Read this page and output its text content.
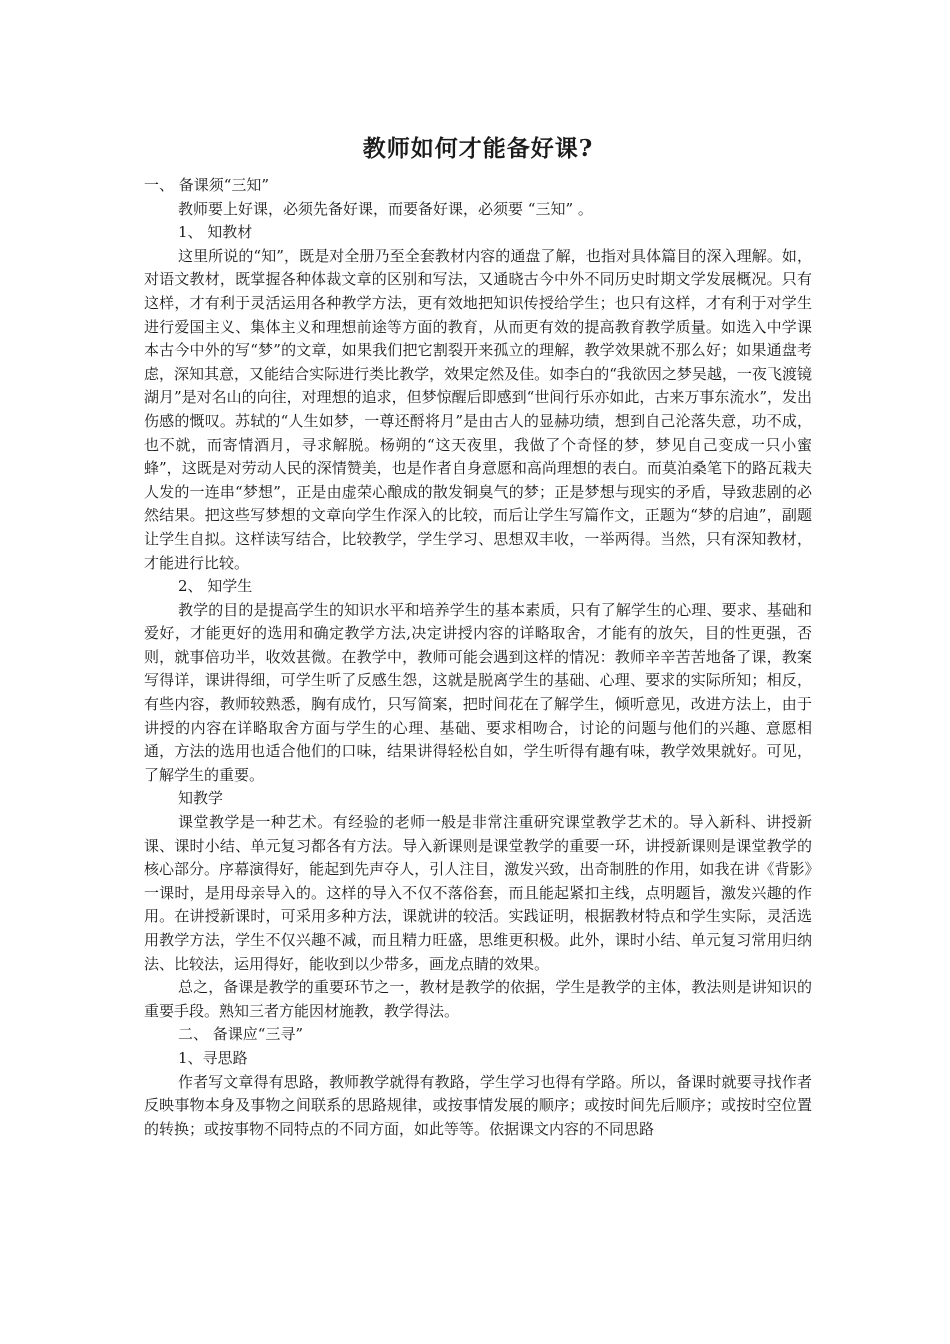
教师如何才能备好课?

一、 备课须“三知”

教师要上好课，必须先备好课，而要备好课，必须要 “三知” 。

1、 知教材

这里所说的“知”，既是对全册乃至全套教材内容的通盘了解，也指对具体篇目的深入理解。如，对语文教材，既掌握各种体裁文章的区别和写法，又通晓古今中外不同历史时期文学发展概况。只有这样，才有利于灵活运用各种教学方法，更有效地把知识传授给学生；也只有这样，才有利于对学生进行爱国主义、集体主义和理想前途等方面的教育，从而更有效的提高教育教学质量。如选入中学课本古今中外的写“梦”的文章，如果我们把它割裂开来孤立的理解，教学效果就不那么好；如果通盘考虑，深知其意，又能结合实际进行类比教学，效果定然及佳。如李白的“我欲因之梦吴越，一夜飞渡镜湖月”是对名山的向往，对理想的追求，但梦惊醒后即感到“世间行乐亦如此，古来万事东流水”，发出伤感的慨叹。苏轼的“人生如梦，一尊还酹将月”是由古人的显赫功绩，想到自己沦落失意，功不成，也不就，而寄情酒月，寻求解脱。杨朔的“这天夜里，我做了个奇怪的梦，梦见自己变成一只小蜜蜂”，这既是对劳动人民的深情赞美，也是作者自身意愿和高尚理想的表白。而莫泊桑笔下的路瓦栽夫人发的一连串“梦想”，正是由虚荣心酿成的散发铜臭气的梦；正是梦想与现实的矛盾，导致悲剧的必然结果。把这些写梦想的文章向学生作深入的比较，而后让学生写篇作文，正题为“梦的启迪”，副题让学生自拟。这样读写结合，比较教学，学生学习、思想双丰收，一举两得。当然，只有深知教材，才能进行比较。

2、 知学生

教学的目的是提高学生的知识水平和培养学生的基本素质，只有了解学生的心理、要求、基础和爱好，才能更好的选用和确定教学方法,决定讲授内容的详略取舍，才能有的放矢，目的性更强，否则，就事倍功半，收效甚微。在教学中，教师可能会遇到这样的情况：教师辛辛苦苦地备了课，教案写得详，课讲得细，可学生听了反感生怨，这就是脱离学生的基础、心理、要求的实际所知；相反，有些内容，教师较熟悉，胸有成竹，只写简案，把时间花在了解学生，倾听意见，改进方法上，由于讲授的内容在详略取舍方面与学生的心理、基础、要求相吻合，讨论的问题与他们的兴趣、意愿相通，方法的选用也适合他们的口味，结果讲得轻松自如，学生听得有趣有味，教学效果就好。可见，了解学生的重要。

知教学

课堂教学是一种艺术。有经验的老师一般是非常注重研究课堂教学艺术的。导入新科、讲授新课、课时小结、单元复习都各有方法。导入新课则是课堂教学的重要一环，讲授新课则是课堂教学的核心部分。序幕演得好，能起到先声夺人，引人注目，激发兴致，出奇制胜的作用，如我在讲《背影》一课时，是用母亲导入的。这样的导入不仅不落俗套，而且能起紧扣主线，点明题旨，激发兴趣的作用。在讲授新课时，可采用多种方法，课就讲的较活。实践证明，根据教材特点和学生实际，灵活选用教学方法，学生不仅兴趣不减，而且精力旺盛，思维更积极。此外，课时小结、单元复习常用归纳法、比较法，运用得好，能收到以少带多，画龙点睛的效果。

总之，备课是教学的重要环节之一，教材是教学的依据，学生是教学的主体，教法则是讲知识的重要手段。熟知三者方能因材施教，教学得法。

二、 备课应“三寻”

1、寻思路

作者写文章得有思路，教师教学就得有教路，学生学习也得有学路。所以，备课时就要寻找作者反映事物本身及事物之间联系的思路规律，或按事情发展的顺序；或按时间先后顺序；或按时空位置的转换；或按事物不同特点的不同方面，如此等等。依据课文内容的不同思路
